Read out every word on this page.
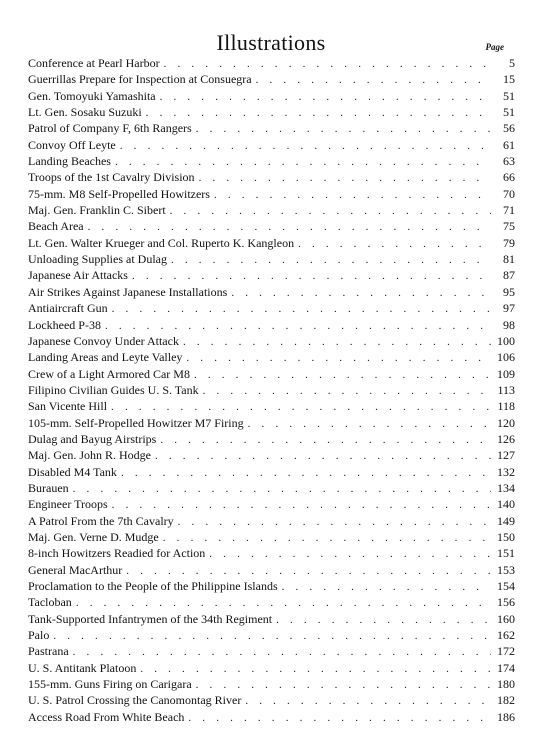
Illustrations	Page
Conference at Pearl Harbor . . .	5
Guerrillas Prepare for Inspection at Consuegra . . .	15
Gen. Tomoyuki Yamashita . . .	51
Lt. Gen. Sosaku Suzuki . . .	51
Patrol of Company F, 6th Rangers . . .	56
Convoy Off Leyte . . .	61
Landing Beaches . . .	63
Troops of the 1st Cavalry Division . . .	66
75-mm. M8 Self-Propelled Howitzers . . .	70
Maj. Gen. Franklin C. Sibert . . .	71
Beach Area . . .	75
Lt. Gen. Walter Krueger and Col. Ruperto K. Kangleon . . .	79
Unloading Supplies at Dulag . . .	81
Japanese Air Attacks . . .	87
Air Strikes Against Japanese Installations . . .	95
Antiaircraft Gun . . .	97
Lockheed P-38 . . .	98
Japanese Convoy Under Attack . . .	100
Landing Areas and Leyte Valley . . .	106
Crew of a Light Armored Car M8 . . .	109
Filipino Civilian Guides U. S. Tank . . .	113
San Vicente Hill . . .	118
105-mm. Self-Propelled Howitzer M7 Firing . . .	120
Dulag and Bayug Airstrips . . .	126
Maj. Gen. John R. Hodge . . .	127
Disabled M4 Tank . . .	132
Burauen . . .	134
Engineer Troops . . .	140
A Patrol From the 7th Cavalry . . .	149
Maj. Gen. Verne D. Mudge . . .	150
8-inch Howitzers Readied for Action . . .	151
General MacArthur . . .	153
Proclamation to the People of the Philippine Islands . . .	154
Tacloban . . .	156
Tank-Supported Infantrymen of the 34th Regiment . . .	160
Palo . . .	162
Pastrana . . .	172
U. S. Antitank Platoon . . .	174
155-mm. Guns Firing on Carigara . . .	180
U. S. Patrol Crossing the Canomontag River . . .	182
Access Road From White Beach . . .	186
